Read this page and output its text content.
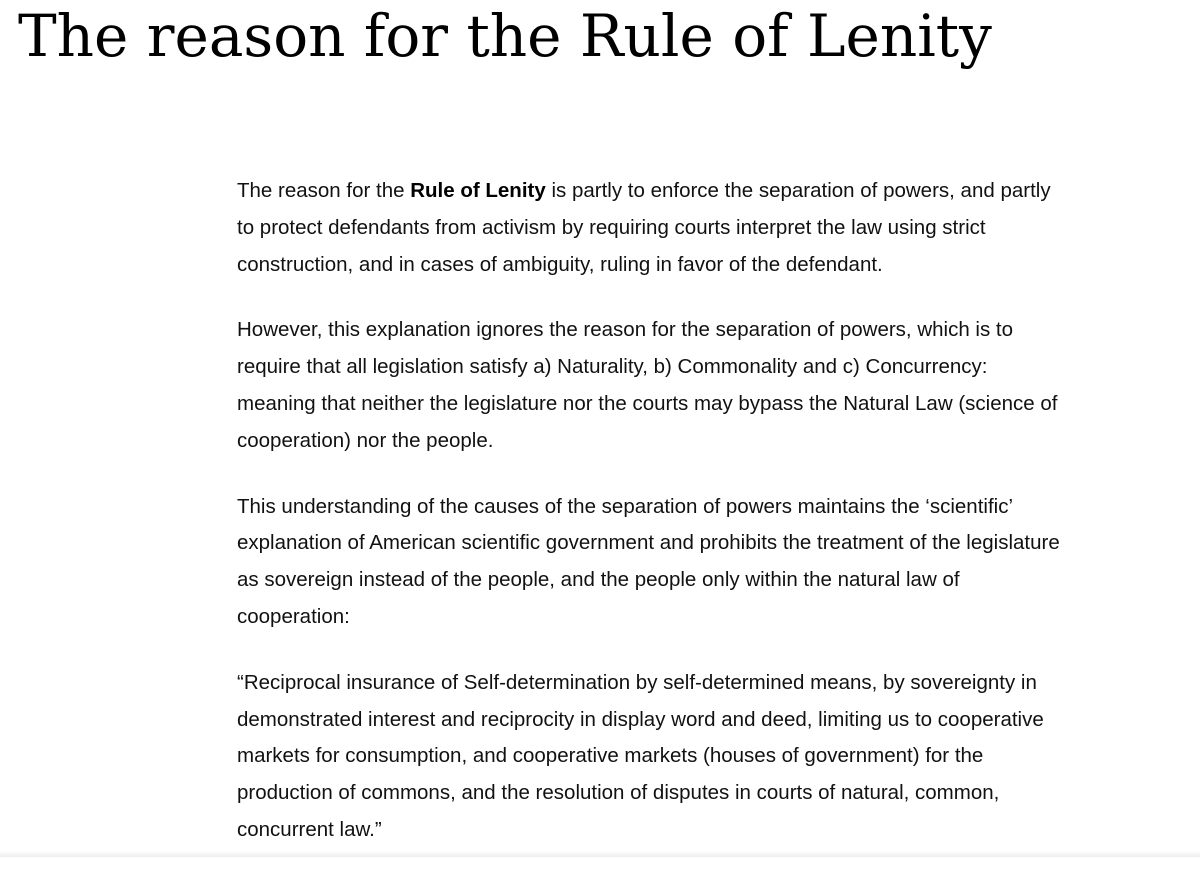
The reason for the Rule of Lenity

The reason for the Rule of Lenity is partly to enforce the separation of powers, and partly to protect defendants from activism by requiring courts interpret the law using strict construction, and in cases of ambiguity, ruling in favor of the defendant.

However, this explanation ignores the reason for the separation of powers, which is to require that all legislation satisfy a) Naturality, b) Commonality and c) Concurrency: meaning that neither the legislature nor the courts may bypass the Natural Law (science of cooperation) nor the people.

This understanding of the causes of the separation of powers maintains the ‘scientific’ explanation of American scientific government and prohibits the treatment of the legislature as sovereign instead of the people, and the people only within the natural law of cooperation:

“Reciprocal insurance of Self-determination by self-determined means, by sovereignty in demonstrated interest and reciprocity in display word and deed, limiting us to cooperative markets for consumption, and cooperative markets (houses of government) for the production of commons, and the resolution of disputes in courts of natural, common, concurrent law.”
